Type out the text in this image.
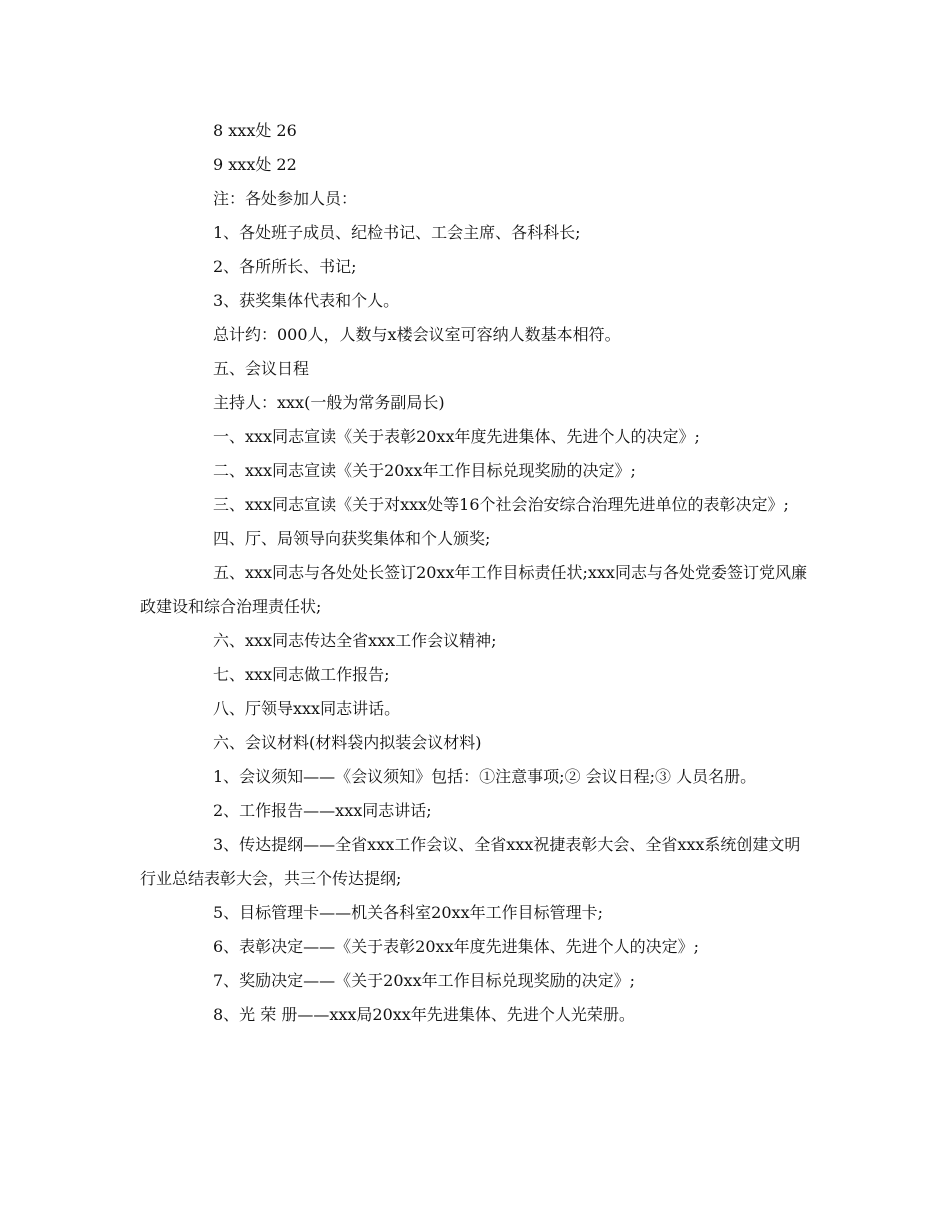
8 xxx处 26

9 xxx处 22

注：各处参加人员：

1、各处班子成员、纪检书记、工会主席、各科科长;

2、各所所长、书记;

3、获奖集体代表和个人。

总计约：000人，人数与x楼会议室可容纳人数基本相符。

五、会议日程

主持人：xxx(一般为常务副局长)

一、xxx同志宣读《关于表彰20xx年度先进集体、先进个人的决定》;

二、xxx同志宣读《关于20xx年工作目标兑现奖励的决定》;

三、xxx同志宣读《关于对xxx处等16个社会治安综合治理先进单位的表彰决定》;

四、厅、局领导向获奖集体和个人颁奖;

五、xxx同志与各处处长签订20xx年工作目标责任状;xxx同志与各处党委签订党风廉政建设和综合治理责任状;

六、xxx同志传达全省xxx工作会议精神;

七、xxx同志做工作报告;

八、厅领导xxx同志讲话。

六、会议材料(材料袋内拟装会议材料)

1、会议须知——《会议须知》包括：①注意事项;② 会议日程;③ 人员名册。

2、工作报告——xxx同志讲话;

3、传达提纲——全省xxx工作会议、全省xxx祝捷表彰大会、全省xxx系统创建文明行业总结表彰大会，共三个传达提纲;

5、目标管理卡——机关各科室20xx年工作目标管理卡;

6、表彰决定——《关于表彰20xx年度先进集体、先进个人的决定》;

7、奖励决定——《关于20xx年工作目标兑现奖励的决定》;

8、光 荣 册——xxx局20xx年先进集体、先进个人光荣册。
